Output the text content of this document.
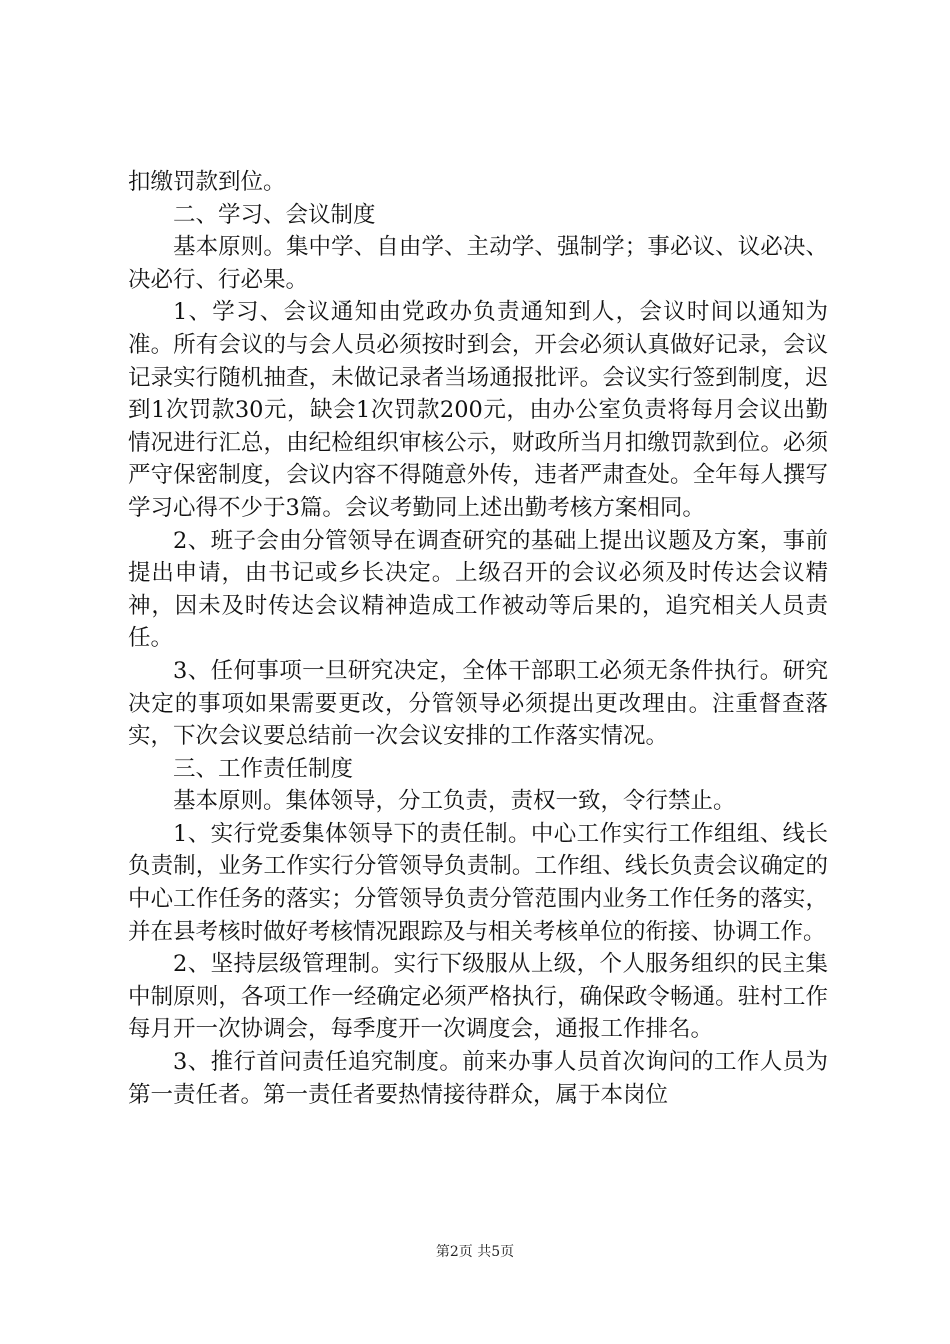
扣缴罚款到位。

二、学习、会议制度

基本原则。集中学、自由学、主动学、强制学；事必议、议必决、决必行、行必果。

1、学习、会议通知由党政办负责通知到人，会议时间以通知为准。所有会议的与会人员必须按时到会，开会必须认真做好记录，会议记录实行随机抽查，未做记录者当场通报批评。会议实行签到制度，迟到1次罚款30元，缺会1次罚款200元，由办公室负责将每月会议出勤情况进行汇总，由纪检组织审核公示，财政所当月扣缴罚款到位。必须严守保密制度，会议内容不得随意外传，违者严肃查处。全年每人撰写学习心得不少于3篇。会议考勤同上述出勤考核方案相同。

2、班子会由分管领导在调查研究的基础上提出议题及方案，事前提出申请，由书记或乡长决定。上级召开的会议必须及时传达会议精神，因未及时传达会议精神造成工作被动等后果的，追究相关人员责任。

3、任何事项一旦研究决定，全体干部职工必须无条件执行。研究决定的事项如果需要更改，分管领导必须提出更改理由。注重督查落实，下次会议要总结前一次会议安排的工作落实情况。

三、工作责任制度

基本原则。集体领导，分工负责，责权一致，令行禁止。

1、实行党委集体领导下的责任制。中心工作实行工作组组、线长负责制，业务工作实行分管领导负责制。工作组、线长负责会议确定的中心工作任务的落实；分管领导负责分管范围内业务工作任务的落实，并在县考核时做好考核情况跟踪及与相关考核单位的衔接、协调工作。

2、坚持层级管理制。实行下级服从上级，个人服务组织的民主集中制原则，各项工作一经确定必须严格执行，确保政令畅通。驻村工作每月开一次协调会，每季度开一次调度会，通报工作排名。

3、推行首问责任追究制度。前来办事人员首次询问的工作人员为第一责任者。第一责任者要热情接待群众，属于本岗位

第2页 共5页
